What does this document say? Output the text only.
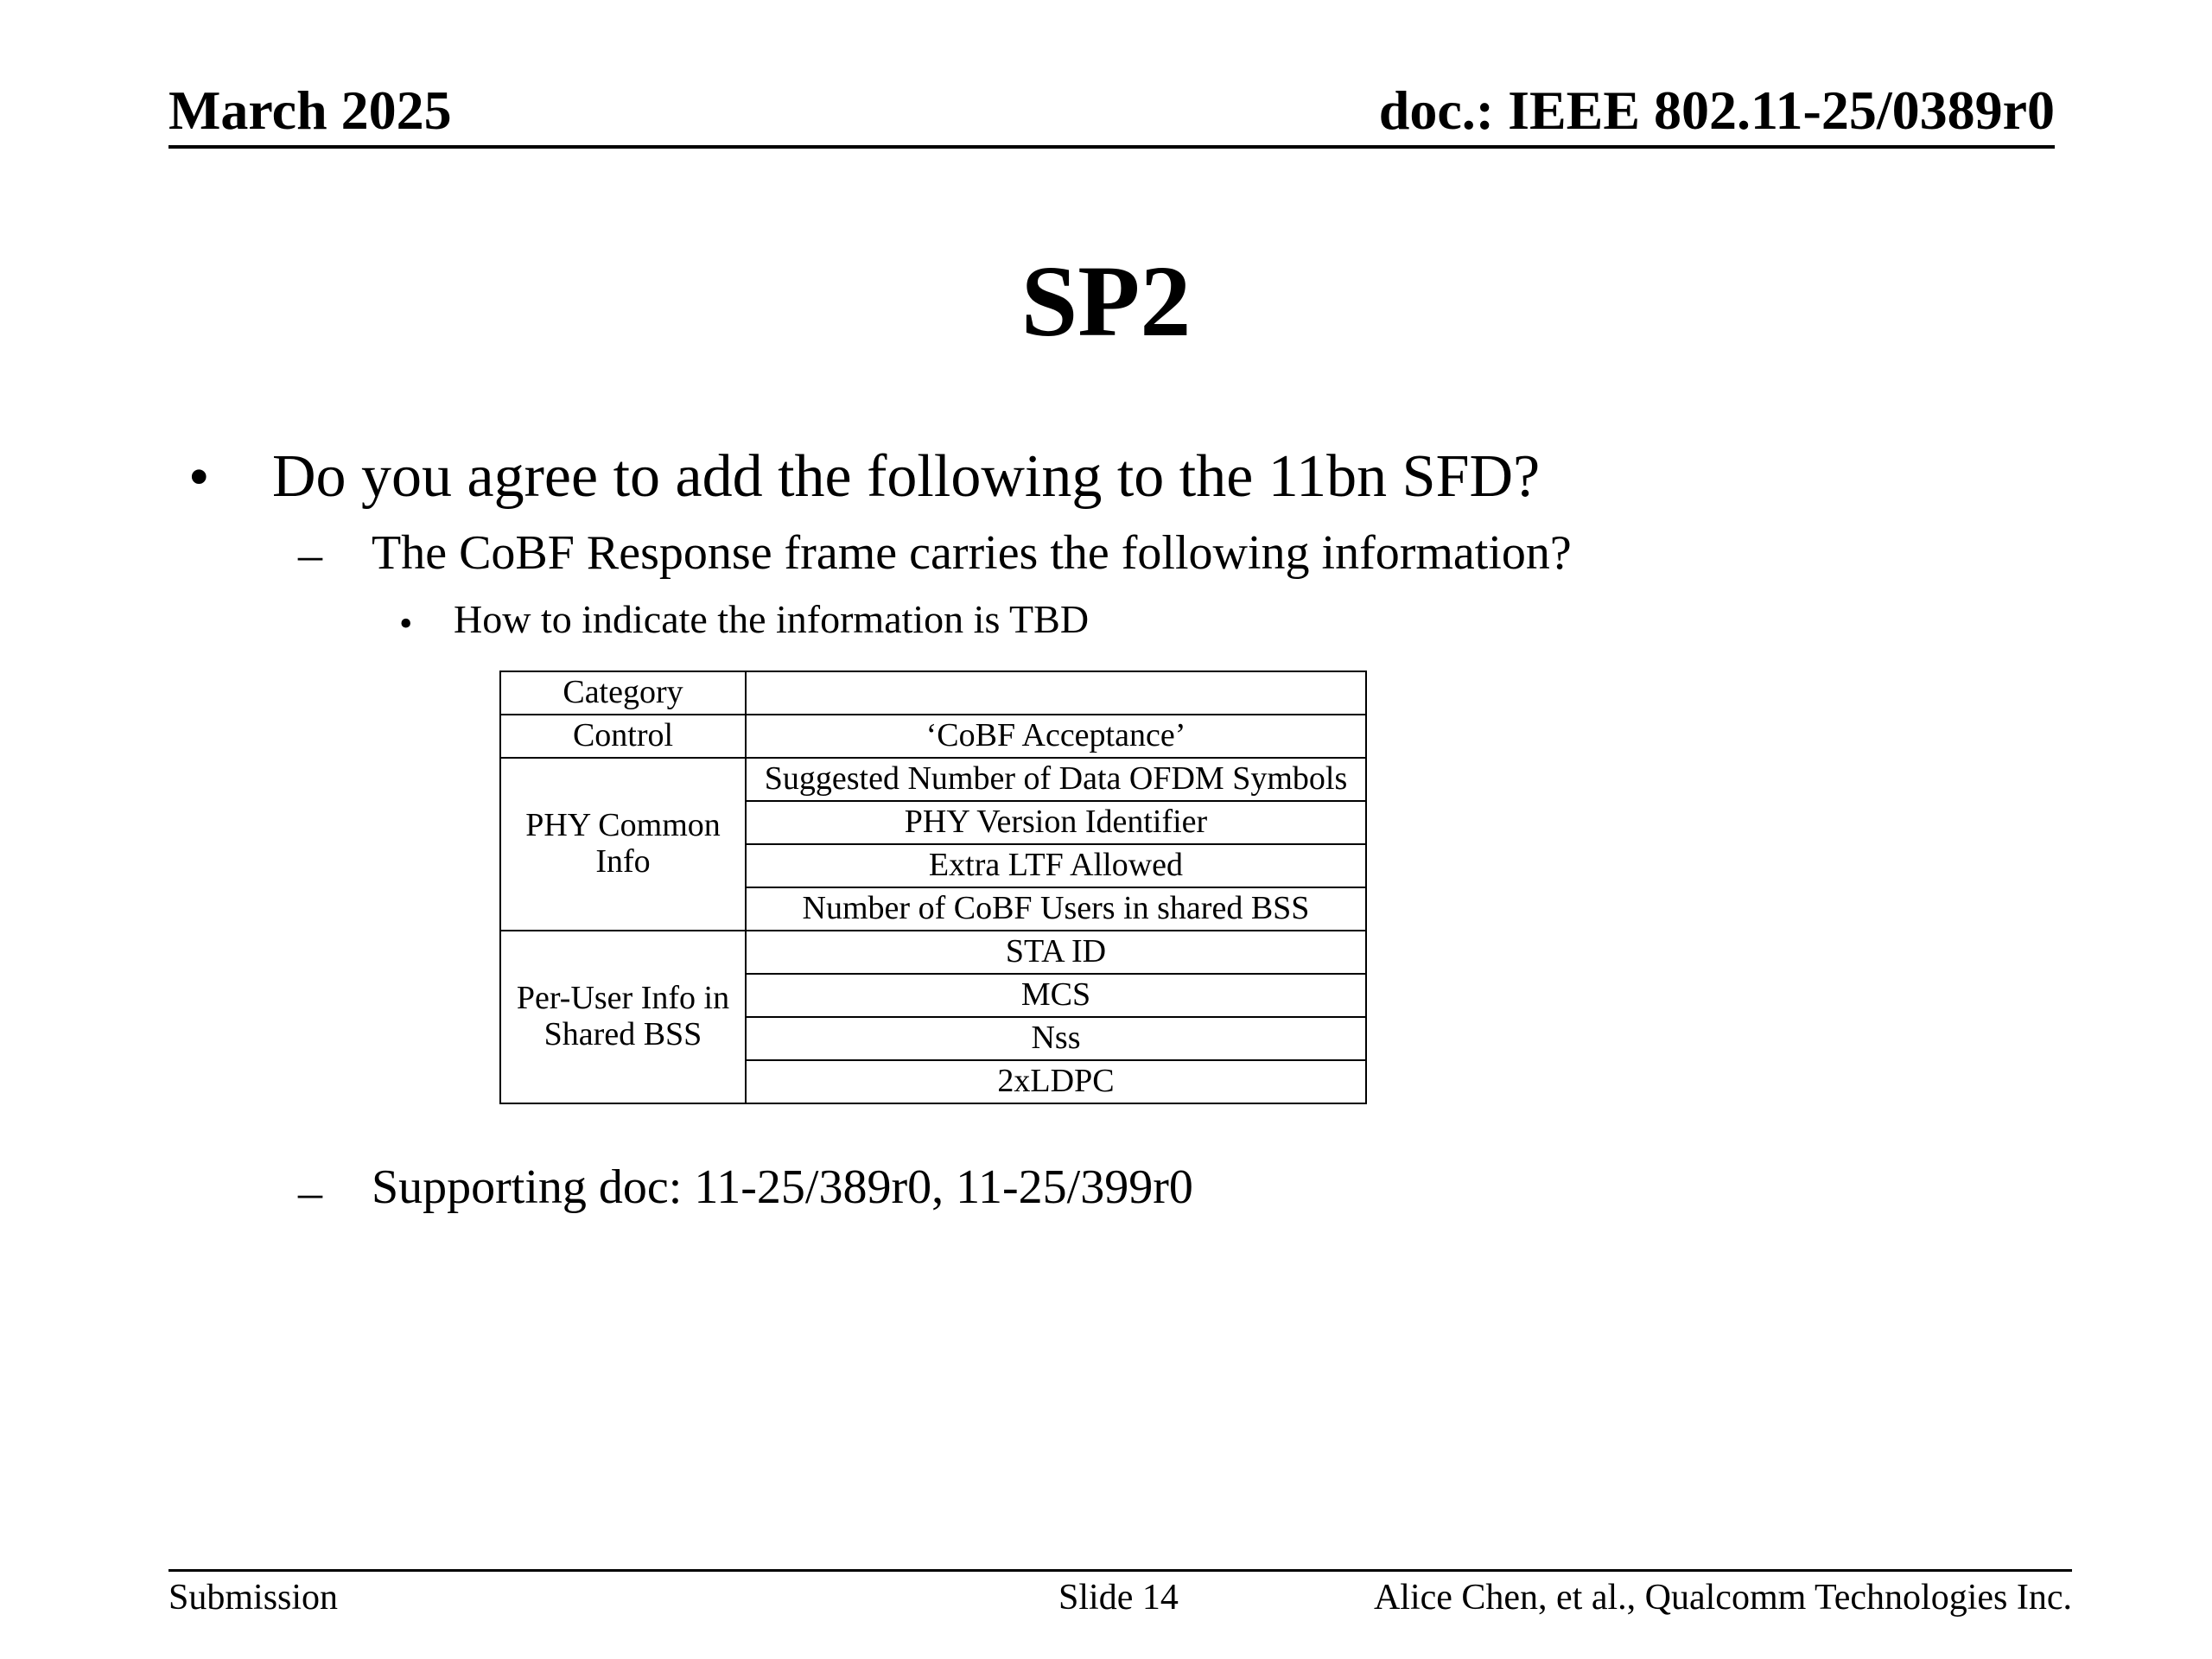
March 2025	doc.: IEEE 802.11-25/0389r0
SP2
• Do you agree to add the following to the 11bn SFD?
– The CoBF Response frame carries the following information?
• How to indicate the information is TBD
Category	
Control	‘CoBF Acceptance’
PHY Common Info	Suggested Number of Data OFDM Symbols
	PHY Version Identifier
	Extra LTF Allowed
	Number of CoBF Users in shared BSS
Per-User Info in Shared BSS	STA ID
	MCS
	Nss
	2xLDPC
– Supporting doc: 11-25/389r0, 11-25/399r0
Submission	Slide 14	Alice Chen, et al., Qualcomm Technologies Inc.
